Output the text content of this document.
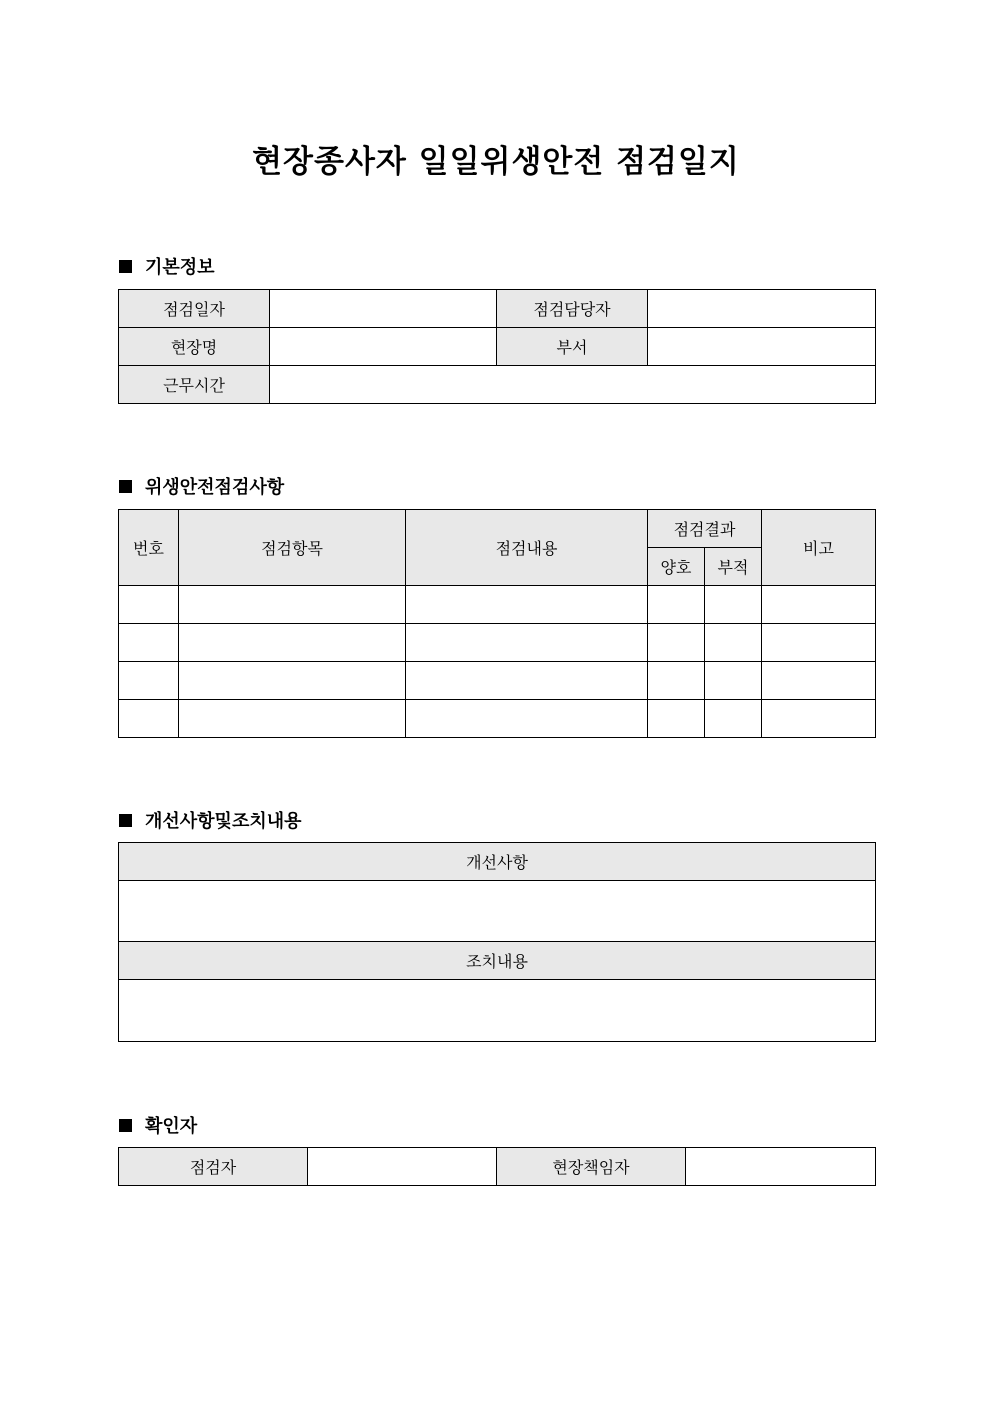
현장종사자 일일위생안전 점검일지
기본정보
점검일자		점검담당자	
현장명		부서	
근무시간			
위생안전점검사항
번호	점검항목	점검내용	점검결과		비고
			양호	부적	

개선사항및조치내용
개선사항

조치내용

확인자
점검자		현장책임자	
